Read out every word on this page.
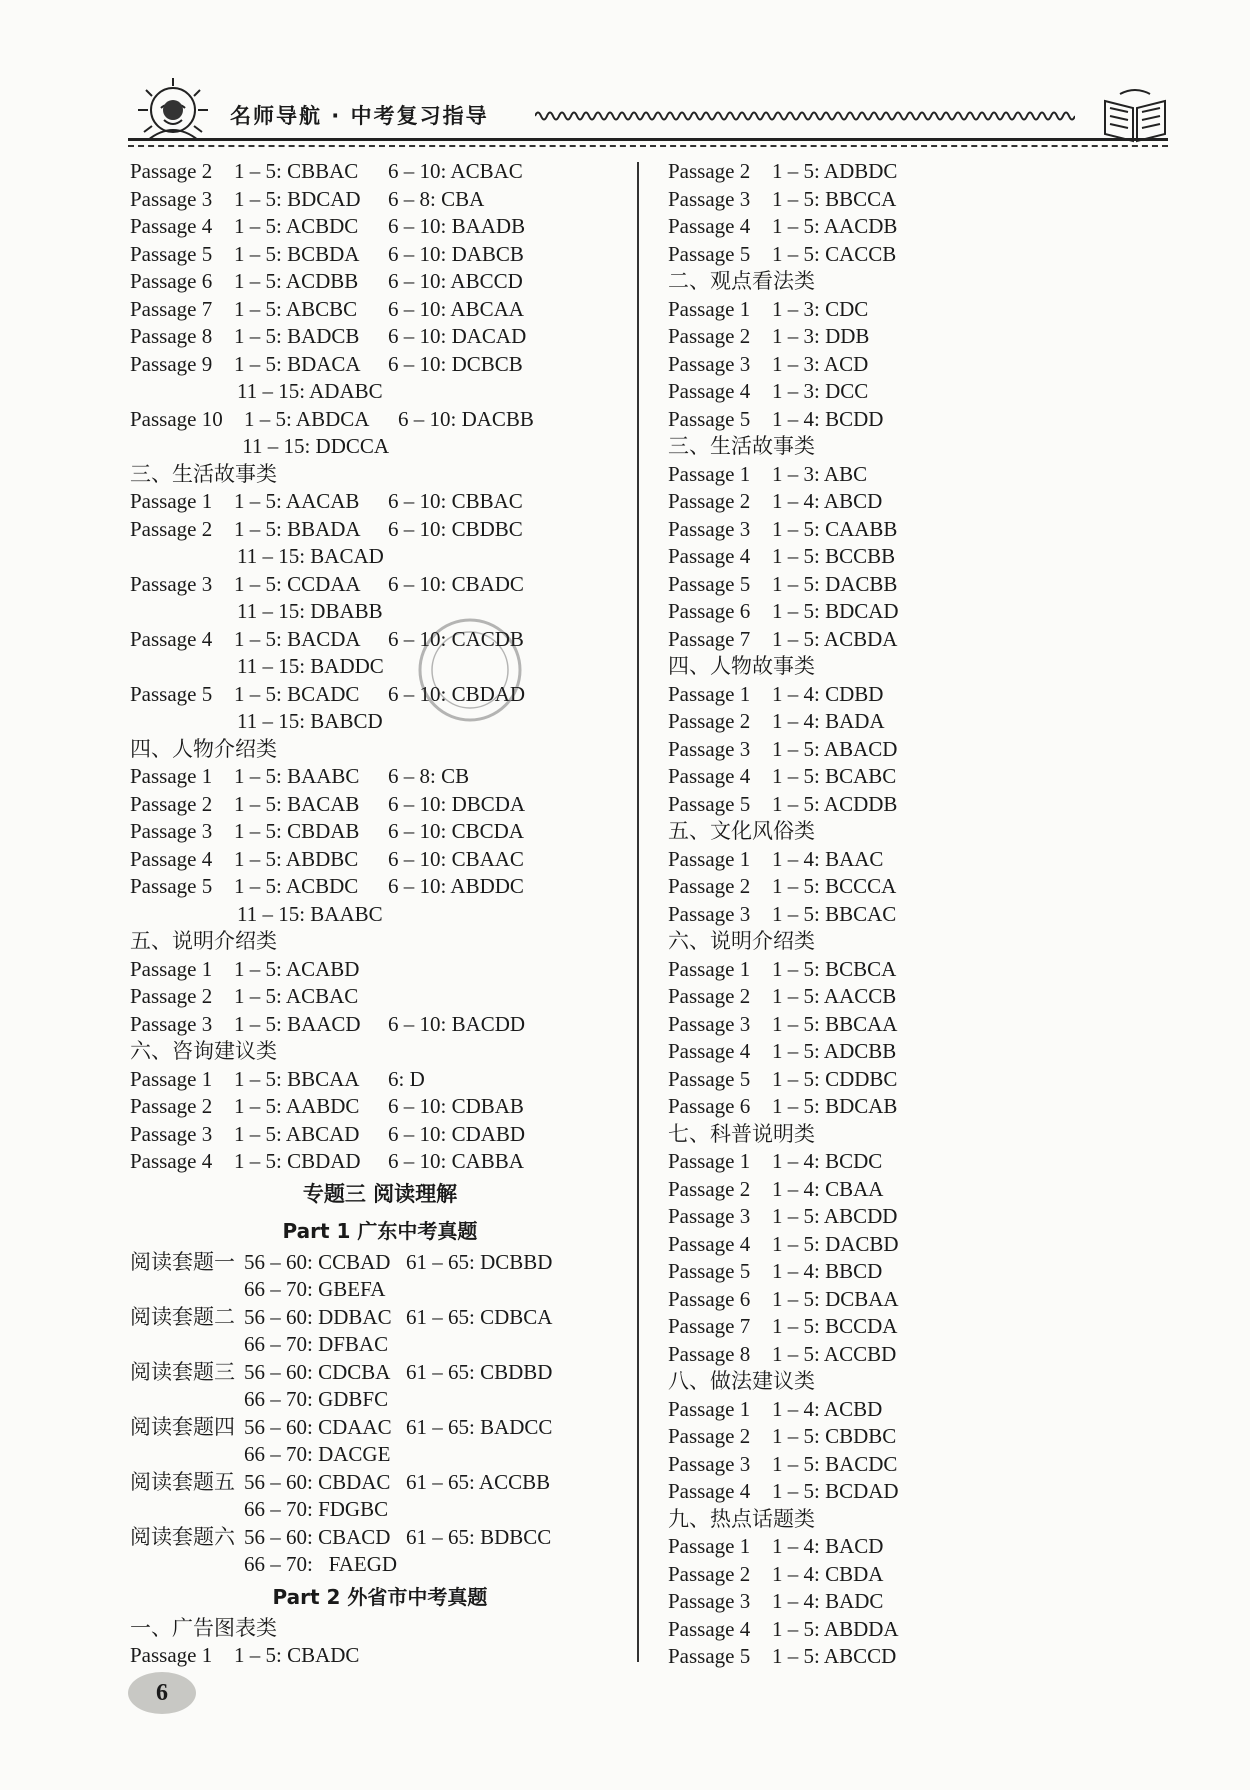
名师导航 · 中考复习指导
Passage 2 1 – 5: CBBAC 6 – 10: ACBAC
Passage 3 1 – 5: BDCAD 6 – 8: CBA
Passage 4 1 – 5: ACBDC 6 – 10: BAADB
Passage 5 1 – 5: BCBDA 6 – 10: DABCB
Passage 6 1 – 5: ACDBB 6 – 10: ABCCD
Passage 7 1 – 5: ABCBC 6 – 10: ABCAA
Passage 8 1 – 5: BADCB 6 – 10: DACAD
Passage 9 1 – 5: BDACA 6 – 10: DCBCB
11 – 15: ADABC
Passage 10 1 – 5: ABDCA 6 – 10: DACBB
11 – 15: DDCCA
三、生活故事类
Passage 1 1 – 5: AACAB 6 – 10: CBBAC
Passage 2 1 – 5: BBADA 6 – 10: CBDBC
11 – 15: BACAD
Passage 3 1 – 5: CCDAA 6 – 10: CBADC
11 – 15: DBABB
Passage 4 1 – 5: BACDA 6 – 10: CACDB
11 – 15: BADDC
Passage 5 1 – 5: BCADC 6 – 10: CBDAD
11 – 15: BABCD
四、人物介绍类
Passage 1 1 – 5: BAABC 6 – 8: CB
Passage 2 1 – 5: BACAB 6 – 10: DBCDA
Passage 3 1 – 5: CBDAB 6 – 10: CBCDA
Passage 4 1 – 5: ABDBC 6 – 10: CBAAC
Passage 5 1 – 5: ACBDC 6 – 10: ABDDC
11 – 15: BAABC
五、说明介绍类
Passage 1 1 – 5: ACABD
Passage 2 1 – 5: ACBAC
Passage 3 1 – 5: BAACD 6 – 10: BACDD
六、咨询建议类
Passage 1 1 – 5: BBCAA 6: D
Passage 2 1 – 5: AABDC 6 – 10: CDBAB
Passage 3 1 – 5: ABCAD 6 – 10: CDABD
Passage 4 1 – 5: CBDAD 6 – 10: CABBA
专题三 阅读理解
Part 1 广东中考真题
阅读套题一 56 – 60: CCBAD 61 – 65: DCBBD
66 – 70: GBEFA
阅读套题二 56 – 60: DDBAC 61 – 65: CDBCA
66 – 70: DFBAC
阅读套题三 56 – 60: CDCBA 61 – 65: CBDBD
66 – 70: GDBFC
阅读套题四 56 – 60: CDAAC 61 – 65: BADCC
66 – 70: DACGE
阅读套题五 56 – 60: CBDAC 61 – 65: ACCBB
66 – 70: FDGBC
阅读套题六 56 – 60: CBACD 61 – 65: BDBCC
66 – 70:   FAEGD
Part 2 外省市中考真题
一、广告图表类
Passage 1 1 – 5: CBADC
Passage 2 1 – 5: ADBDC
Passage 3 1 – 5: BBCCA
Passage 4 1 – 5: AACDB
Passage 5 1 – 5: CACCB
二、观点看法类
Passage 1 1 – 3: CDC
Passage 2 1 – 3: DDB
Passage 3 1 – 3: ACD
Passage 4 1 – 3: DCC
Passage 5 1 – 4: BCDD
三、生活故事类
Passage 1 1 – 3: ABC
Passage 2 1 – 4: ABCD
Passage 3 1 – 5: CAABB
Passage 4 1 – 5: BCCBB
Passage 5 1 – 5: DACBB
Passage 6 1 – 5: BDCAD
Passage 7 1 – 5: ACBDA
四、人物故事类
Passage 1 1 – 4: CDBD
Passage 2 1 – 4: BADA
Passage 3 1 – 5: ABACD
Passage 4 1 – 5: BCABC
Passage 5 1 – 5: ACDDB
五、文化风俗类
Passage 1 1 – 4: BAAC
Passage 2 1 – 5: BCCCA
Passage 3 1 – 5: BBCAC
六、说明介绍类
Passage 1 1 – 5: BCBCA
Passage 2 1 – 5: AACCB
Passage 3 1 – 5: BBCAA
Passage 4 1 – 5: ADCBB
Passage 5 1 – 5: CDDBC
Passage 6 1 – 5: BDCAB
七、科普说明类
Passage 1 1 – 4: BCDC
Passage 2 1 – 4: CBAA
Passage 3 1 – 5: ABCDD
Passage 4 1 – 5: DACBD
Passage 5 1 – 4: BBCD
Passage 6 1 – 5: DCBAA
Passage 7 1 – 5: BCCDA
Passage 8 1 – 5: ACCBD
八、做法建议类
Passage 1 1 – 4: ACBD
Passage 2 1 – 5: CBDBC
Passage 3 1 – 5: BACDC
Passage 4 1 – 5: BCDAD
九、热点话题类
Passage 1 1 – 4: BACD
Passage 2 1 – 4: CBDA
Passage 3 1 – 4: BADC
Passage 4 1 – 5: ABDDA
Passage 5 1 – 5: ABCCD
6
